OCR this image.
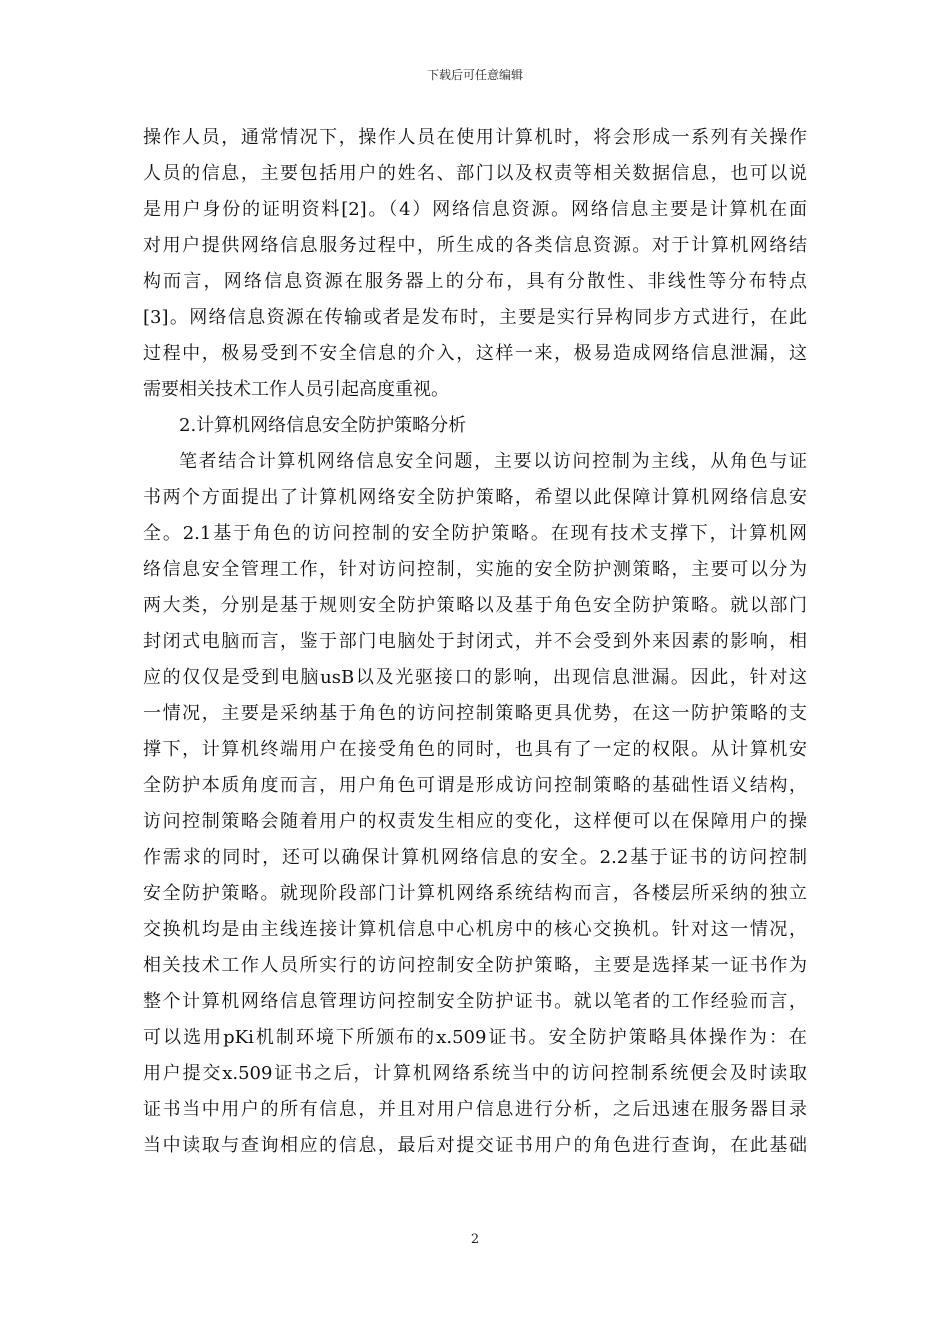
下载后可任意编辑
操作人员，通常情况下，操作人员在使用计算机时，将会形成一系列有关操作
人员的信息，主要包括用户的姓名、部门以及权责等相关数据信息，也可以说
是用户身份的证明资料[2]。（4）网络信息资源。网络信息主要是计算机在面
对用户提供网络信息服务过程中，所生成的各类信息资源。对于计算机网络结
构而言，网络信息资源在服务器上的分布，具有分散性、非线性等分布特点
[3]。网络信息资源在传输或者是发布时，主要是实行异构同步方式进行，在此
过程中，极易受到不安全信息的介入，这样一来，极易造成网络信息泄漏，这
需要相关技术工作人员引起高度重视。
2.计算机网络信息安全防护策略分析
笔者结合计算机网络信息安全问题，主要以访问控制为主线，从角色与证
书两个方面提出了计算机网络安全防护策略，希望以此保障计算机网络信息安
全。2.1基于角色的访问控制的安全防护策略。在现有技术支撑下，计算机网
络信息安全管理工作，针对访问控制，实施的安全防护测策略，主要可以分为
两大类，分别是基于规则安全防护策略以及基于角色安全防护策略。就以部门
封闭式电脑而言，鉴于部门电脑处于封闭式，并不会受到外来因素的影响，相
应的仅仅是受到电脑usB以及光驱接口的影响，出现信息泄漏。因此，针对这
一情况，主要是采纳基于角色的访问控制策略更具优势，在这一防护策略的支
撑下，计算机终端用户在接受角色的同时，也具有了一定的权限。从计算机安
全防护本质角度而言，用户角色可谓是形成访问控制策略的基础性语义结构，
访问控制策略会随着用户的权责发生相应的变化，这样便可以在保障用户的操
作需求的同时，还可以确保计算机网络信息的安全。2.2基于证书的访问控制
安全防护策略。就现阶段部门计算机网络系统结构而言，各楼层所采纳的独立
交换机均是由主线连接计算机信息中心机房中的核心交换机。针对这一情况，
相关技术工作人员所实行的访问控制安全防护策略，主要是选择某一证书作为
整个计算机网络信息管理访问控制安全防护证书。就以笔者的工作经验而言，
可以选用pKi机制环境下所颁布的x.509证书。安全防护策略具体操作为：在
用户提交x.509证书之后，计算机网络系统当中的访问控制系统便会及时读取
证书当中用户的所有信息，并且对用户信息进行分析，之后迅速在服务器目录
当中读取与查询相应的信息，最后对提交证书用户的角色进行查询，在此基础
2
